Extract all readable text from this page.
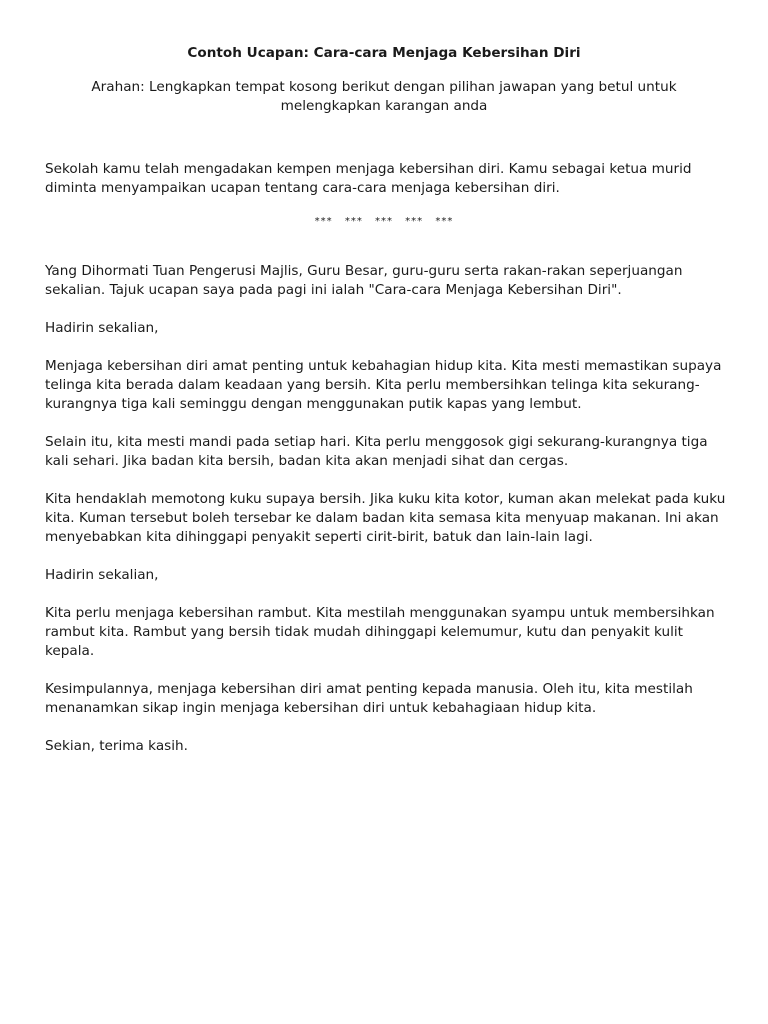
Contoh Ucapan: Cara-cara Menjaga Kebersihan Diri
Arahan: Lengkapkan tempat kosong berikut dengan pilihan jawapan yang betul untuk melengkapkan karangan anda
Sekolah kamu telah mengadakan kempen menjaga kebersihan diri. Kamu sebagai ketua murid diminta menyampaikan ucapan tentang cara-cara menjaga kebersihan diri.
*** *** *** *** ***
Yang Dihormati Tuan Pengerusi Majlis, Guru Besar, guru-guru serta rakan-rakan seperjuangan sekalian. Tajuk ucapan saya pada pagi ini ialah "Cara-cara Menjaga Kebersihan Diri".
Hadirin sekalian,
Menjaga kebersihan diri amat penting untuk kebahagian hidup kita. Kita mesti memastikan supaya telinga kita berada dalam keadaan yang bersih. Kita perlu membersihkan telinga kita sekurang-kurangnya tiga kali seminggu dengan menggunakan putik kapas yang lembut.
Selain itu, kita mesti mandi pada setiap hari. Kita perlu menggosok gigi sekurang-kurangnya tiga kali sehari. Jika badan kita bersih, badan kita akan menjadi sihat dan cergas.
Kita hendaklah memotong kuku supaya bersih. Jika kuku kita kotor, kuman akan melekat pada kuku kita. Kuman tersebut boleh tersebar ke dalam badan kita semasa kita menyuap makanan. Ini akan menyebabkan kita dihinggapi penyakit seperti cirit-birit, batuk dan lain-lain lagi.
Hadirin sekalian,
Kita perlu menjaga kebersihan rambut. Kita mestilah menggunakan syampu untuk membersihkan rambut kita. Rambut yang bersih tidak mudah dihinggapi kelemumur, kutu dan penyakit kulit kepala.
Kesimpulannya, menjaga kebersihan diri amat penting kepada manusia. Oleh itu, kita mestilah menanamkan sikap ingin menjaga kebersihan diri untuk kebahagiaan hidup kita.
Sekian, terima kasih.
